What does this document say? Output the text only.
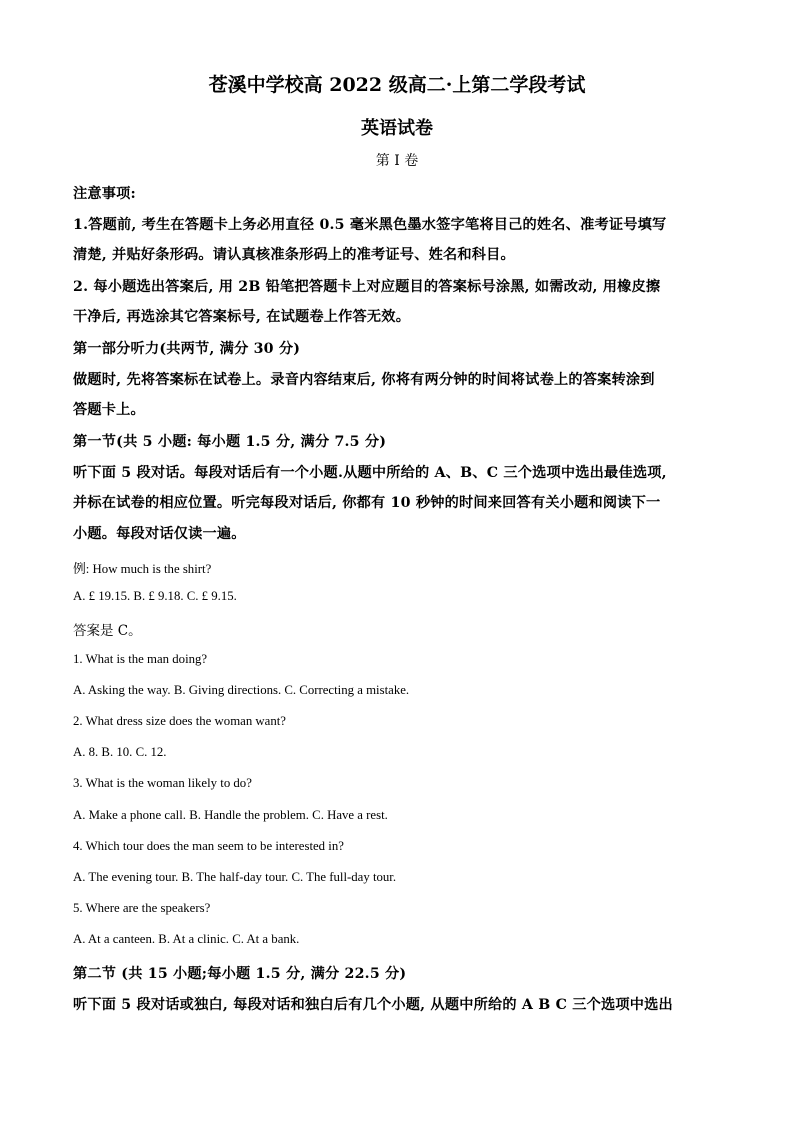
苍溪中学校高 2022 级高二·上第二学段考试
英语试卷
第 I 卷
注意事项:
1.答题前, 考生在答题卡上务必用直径 0.5 毫米黑色墨水签字笔将目己的姓名、准考证号填写
清楚, 并贴好条形码。请认真核准条形码上的准考证号、姓名和科目。
2. 每小题选出答案后, 用 2B 铅笔把答题卡上对应题目的答案标号涂黑, 如需改动, 用橡皮擦
干净后, 再选涂其它答案标号, 在试题卷上作答无效。
第一部分听力(共两节, 满分 30 分)
做题时, 先将答案标在试卷上。录音内容结束后, 你将有两分钟的时间将试卷上的答案转涂到
答题卡上。
第一节(共 5 小题: 每小题 1.5 分, 满分 7.5 分)
听下面 5 段对话。每段对话后有一个小题.从题中所给的 A、B、C 三个选项中选出最佳选项,
并标在试卷的相应位置。听完每段对话后, 你都有 10 秒钟的时间来回答有关小题和阅读下一
小题。每段对话仅读一遍。
例: How much is the shirt?
A. £ 19.15. B. £ 9.18. C. £ 9.15.
答案是 C。
1. What is the man doing?
A. Asking the way. B. Giving directions. C. Correcting a mistake.
2. What dress size does the woman want?
A. 8. B. 10. C. 12.
3. What is the woman likely to do?
A. Make a phone call. B. Handle the problem. C. Have a rest.
4. Which tour does the man seem to be interested in?
A. The evening tour. B. The half-day tour. C. The full-day tour.
5. Where are the speakers?
A. At a canteen. B. At a clinic. C. At a bank.
第二节 (共 15 小题;每小题 1.5 分, 满分 22.5 分)
听下面 5 段对话或独白, 每段对话和独白后有几个小题, 从题中所给的 A B C 三个选项中选出
